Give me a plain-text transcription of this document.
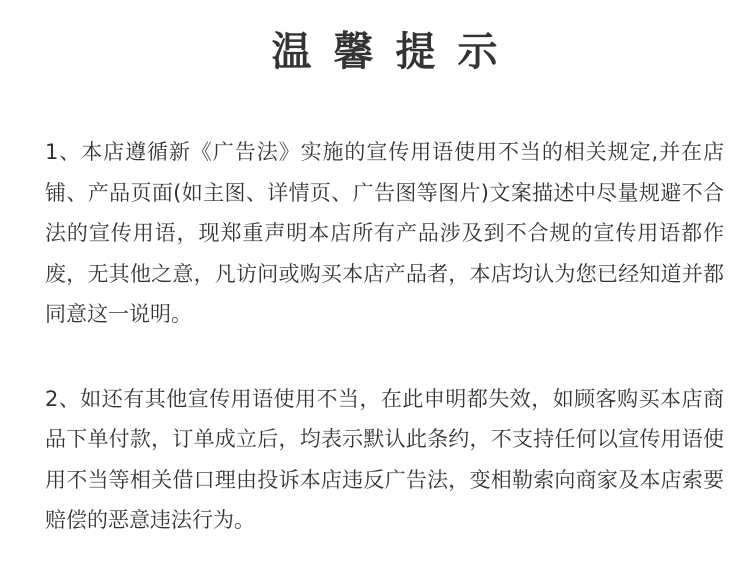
温馨提示

1、本店遵循新《广告法》实施的宣传用语使用不当的相关规定,并在店铺、产品页面(如主图、详情页、广告图等图片)文案描述中尽量规避不合法的宣传用语，现郑重声明本店所有产品涉及到不合规的宣传用语都作废，无其他之意，凡访问或购买本店产品者，本店均认为您已经知道并都同意这一说明。

2、如还有其他宣传用语使用不当，在此申明都失效，如顾客购买本店商品下单付款，订单成立后，均表示默认此条约，不支持任何以宣传用语使用不当等相关借口理由投诉本店违反广告法，变相勒索向商家及本店索要赔偿的恶意违法行为。
